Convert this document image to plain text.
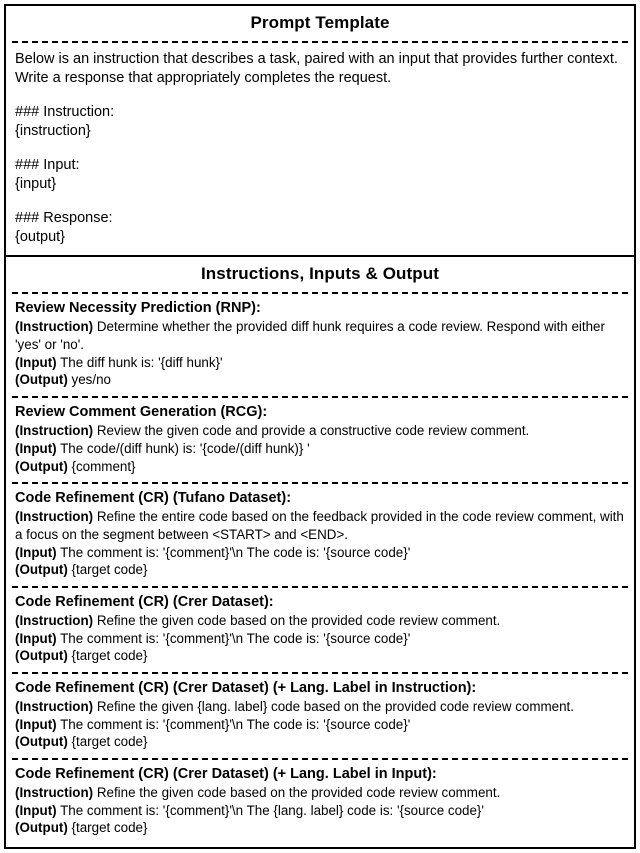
Prompt Template

Below is an instruction that describes a task, paired with an input that provides further context. Write a response that appropriately completes the request.

### Instruction:

{instruction}

### Input:

{input}

### Response:

{output}

Instructions, Inputs & Output

Review Necessity Prediction (RNP):

(Instruction) Determine whether the provided diff hunk requires a code review. Respond with either 'yes' or 'no'.

(Input) The diff hunk is: '{diff hunk}'

(Output) yes/no

Review Comment Generation (RCG):

(Instruction) Review the given code and provide a constructive code review comment.

(Input) The code/(diff hunk) is: '{code/(diff hunk)} '

(Output) {comment}

Code Refinement (CR) (Tufano Dataset):

(Instruction) Refine the entire code based on the feedback provided in the code review comment, with a focus on the segment between <START> and <END>.

(Input) The comment is: '{comment}'\n The code is: '{source code}'

(Output) {target code}

Code Refinement (CR) (Crer Dataset):

(Instruction) Refine the given code based on the provided code review comment.

(Input) The comment is: '{comment}'\n The code is: '{source code}'

(Output) {target code}

Code Refinement (CR) (Crer Dataset) (+ Lang. Label in Instruction):

(Instruction) Refine the given {lang. label} code based on the provided code review comment.

(Input) The comment is: '{comment}'\n The code is: '{source code}'

(Output) {target code}

Code Refinement (CR) (Crer Dataset) (+ Lang. Label in Input):

(Instruction) Refine the given code based on the provided code review comment.

(Input) The comment is: '{comment}'\n The {lang. label} code is: '{source code}'

(Output) {target code}
